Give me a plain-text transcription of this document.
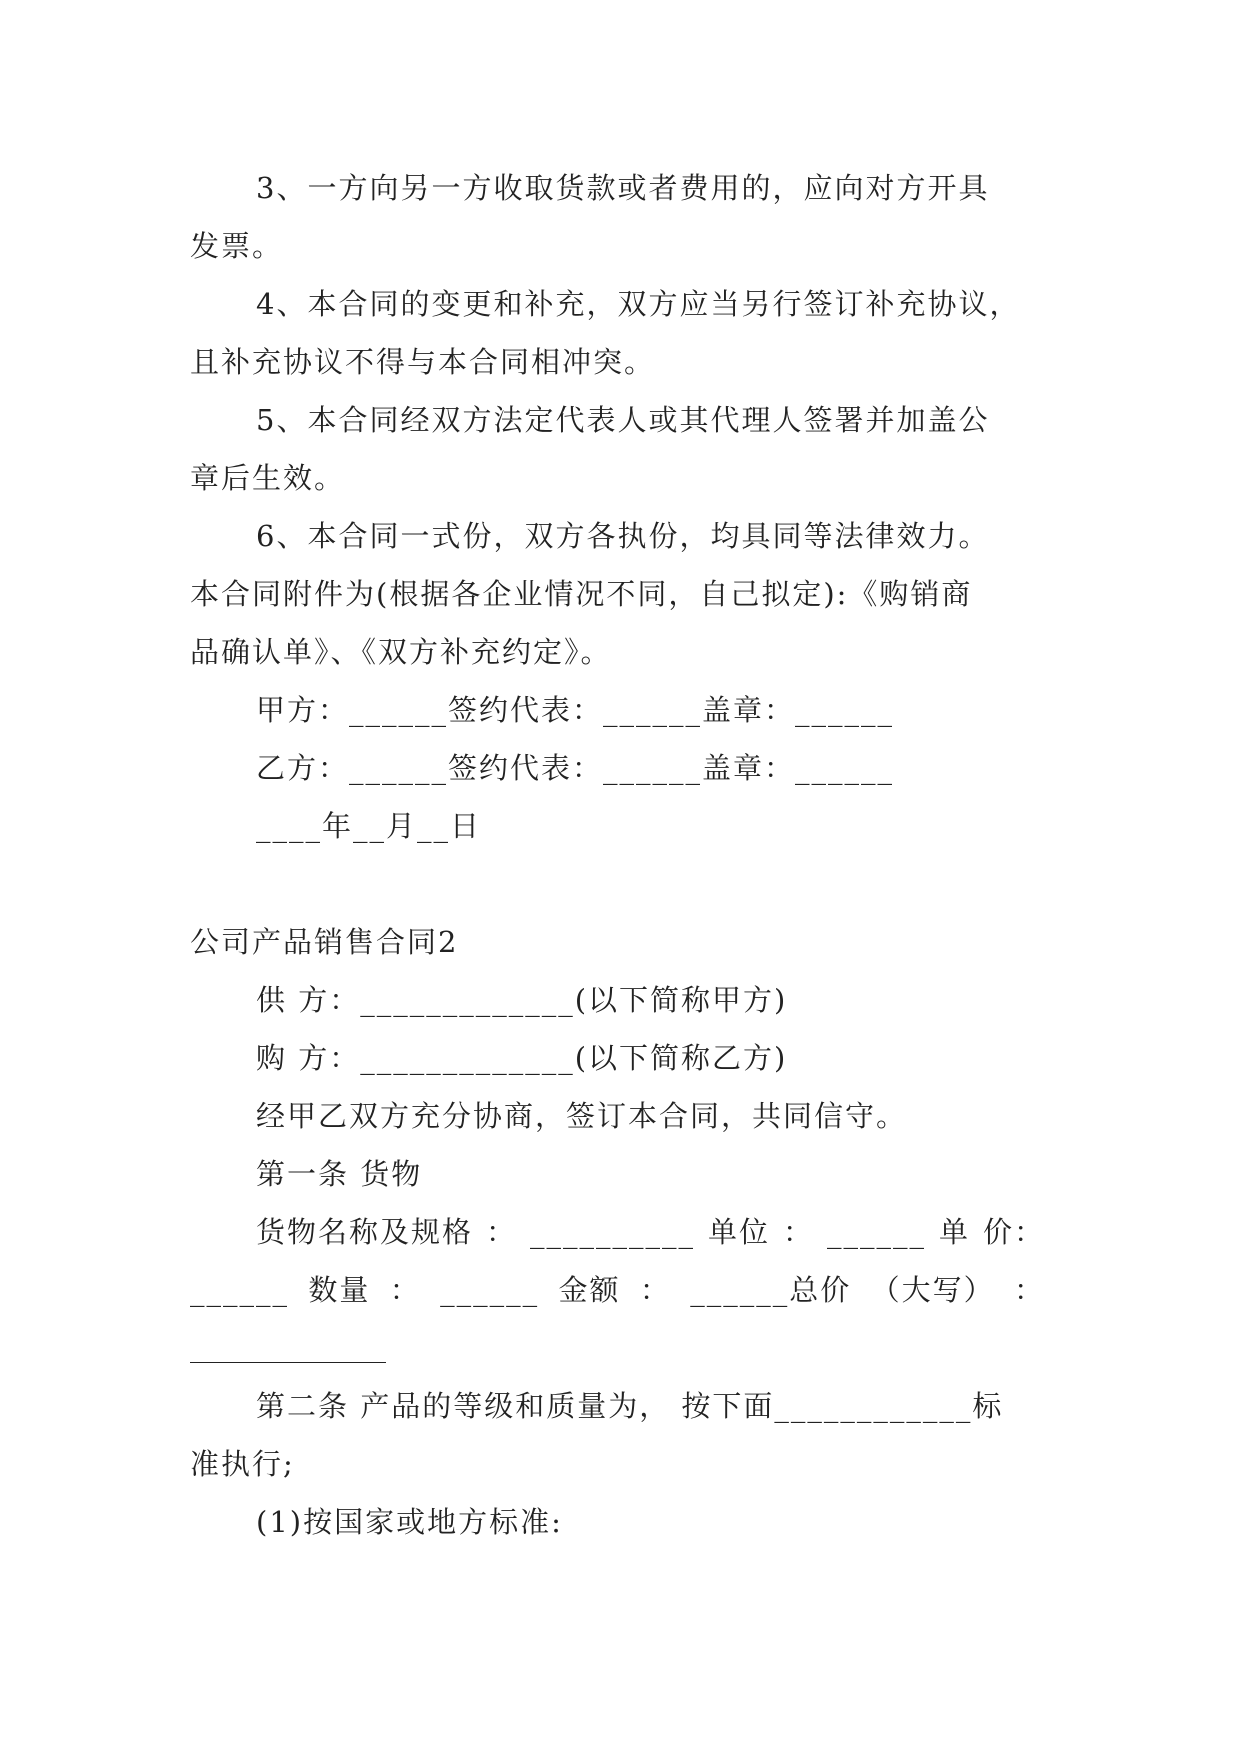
3、一方向另一方收取货款或者费用的，应向对方开具
发票。
4、本合同的变更和补充，双方应当另行签订补充协议，
且补充协议不得与本合同相冲突。
5、本合同经双方法定代表人或其代理人签署并加盖公
章后生效。
6、本合同一式份，双方各执份，均具同等法律效力。
本合同附件为(根据各企业情况不同，自己拟定):《购销商
品确认单》、《双方补充约定》。
甲方：______签约代表：______盖章：______
乙方：______签约代表：______盖章：______
____年__月__日
公司产品销售合同2
供 方：_____________(以下简称甲方)
购 方：_____________(以下简称乙方)
经甲乙双方充分协商，签订本合同，共同信守。
第一条 货物
货物名称及规格 ： __________ 单位 ： ______ 单 价：
______ 数量 ： ______ 金额 ： ______总价 （大写） ：
第二条 产品的等级和质量为， 按下面____________标
准执行;
(1)按国家或地方标准:
